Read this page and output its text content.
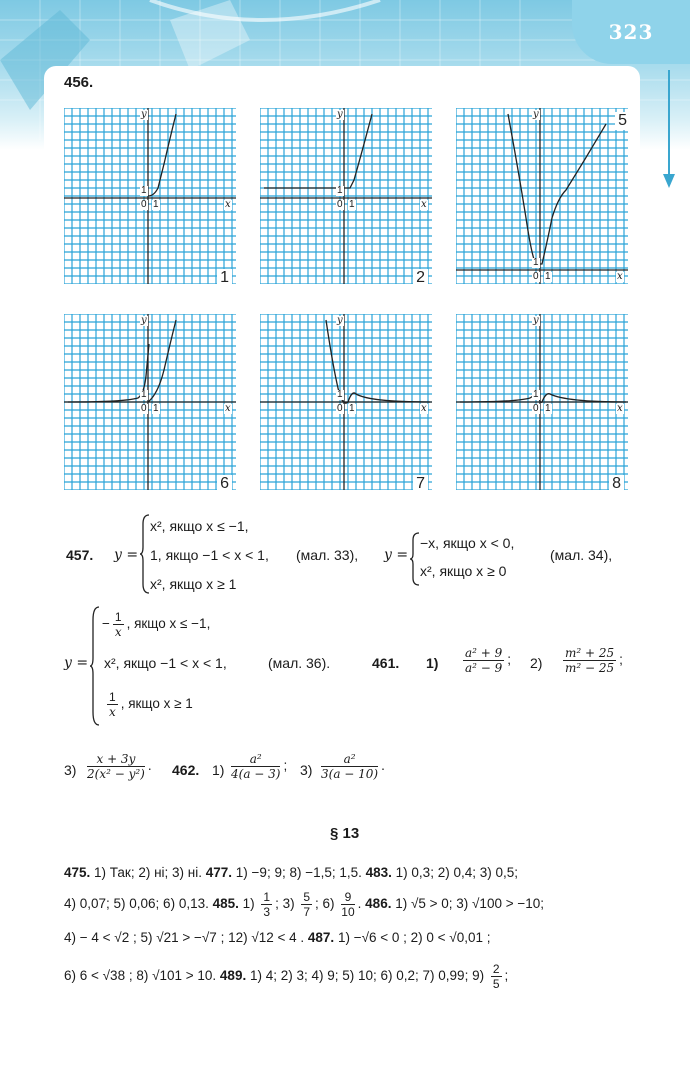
323
456.
y
x
0 1
1
1
y
x
0 1
1
2
y
x
0 1
1
5
y
x
0 1
1
6
y
x
0 1
1
7
y
x
0 1
1
8
457. y =
x², якщо x ≤ −1,
1, якщо −1 < x < 1,
x², якщо x ≥ 1
(мал. 33), y =
−x, якщо x < 0,
x², якщо x ≥ 0
(мал. 34),
y =
− $\frac{1}{x}$ , якщо x ≤ −1,
x², якщо −1 < x < 1,
$\frac{1}{x}$ , якщо x ≥ 1
(мал. 36).	461. $1) \frac{\text{a² + 9}}{\text{a² − 9}}$ ; $2) \frac{\text{m² + 25}}{\text{m² − 25}}$ ;
$3) \frac{x + 3y}{\text{2(x² − y²)}}$ . 462. $1) \frac{\text{a²}}{4(a - 3)}$ ; $3) \frac{\text{a²}}{3(a - 10)}$ .
§ 13
475. 1) Так; 2) ні; 3) ні. 477. 1) −9; 9; 8) −1,5; 1,5. 483. 1) 0,3; 2) 0,4; 3) 0,5;
4) 0,07; 5) 0,06; 6) 0,13. 485. $1) \frac{1}{3}$ ; $3) \frac{5}{7}$ ; $6) \frac{9}{10}$ . 486. 1) √5 > 0; 3) √100 > −10;
4) − 4 < √2 ; 5) √21 > −√7 ; 12) √12 < 4 . 487. 1) −√6 < 0 ; 2) 0 < √0,01 ;
6) 6 < √38 ; 8) √101 > 10. 489. 1) 4; 2) 3; 4) 9; 5) 10; 6) 0,2; 7) 0,99; $9) \frac{2}{5}$ ;
